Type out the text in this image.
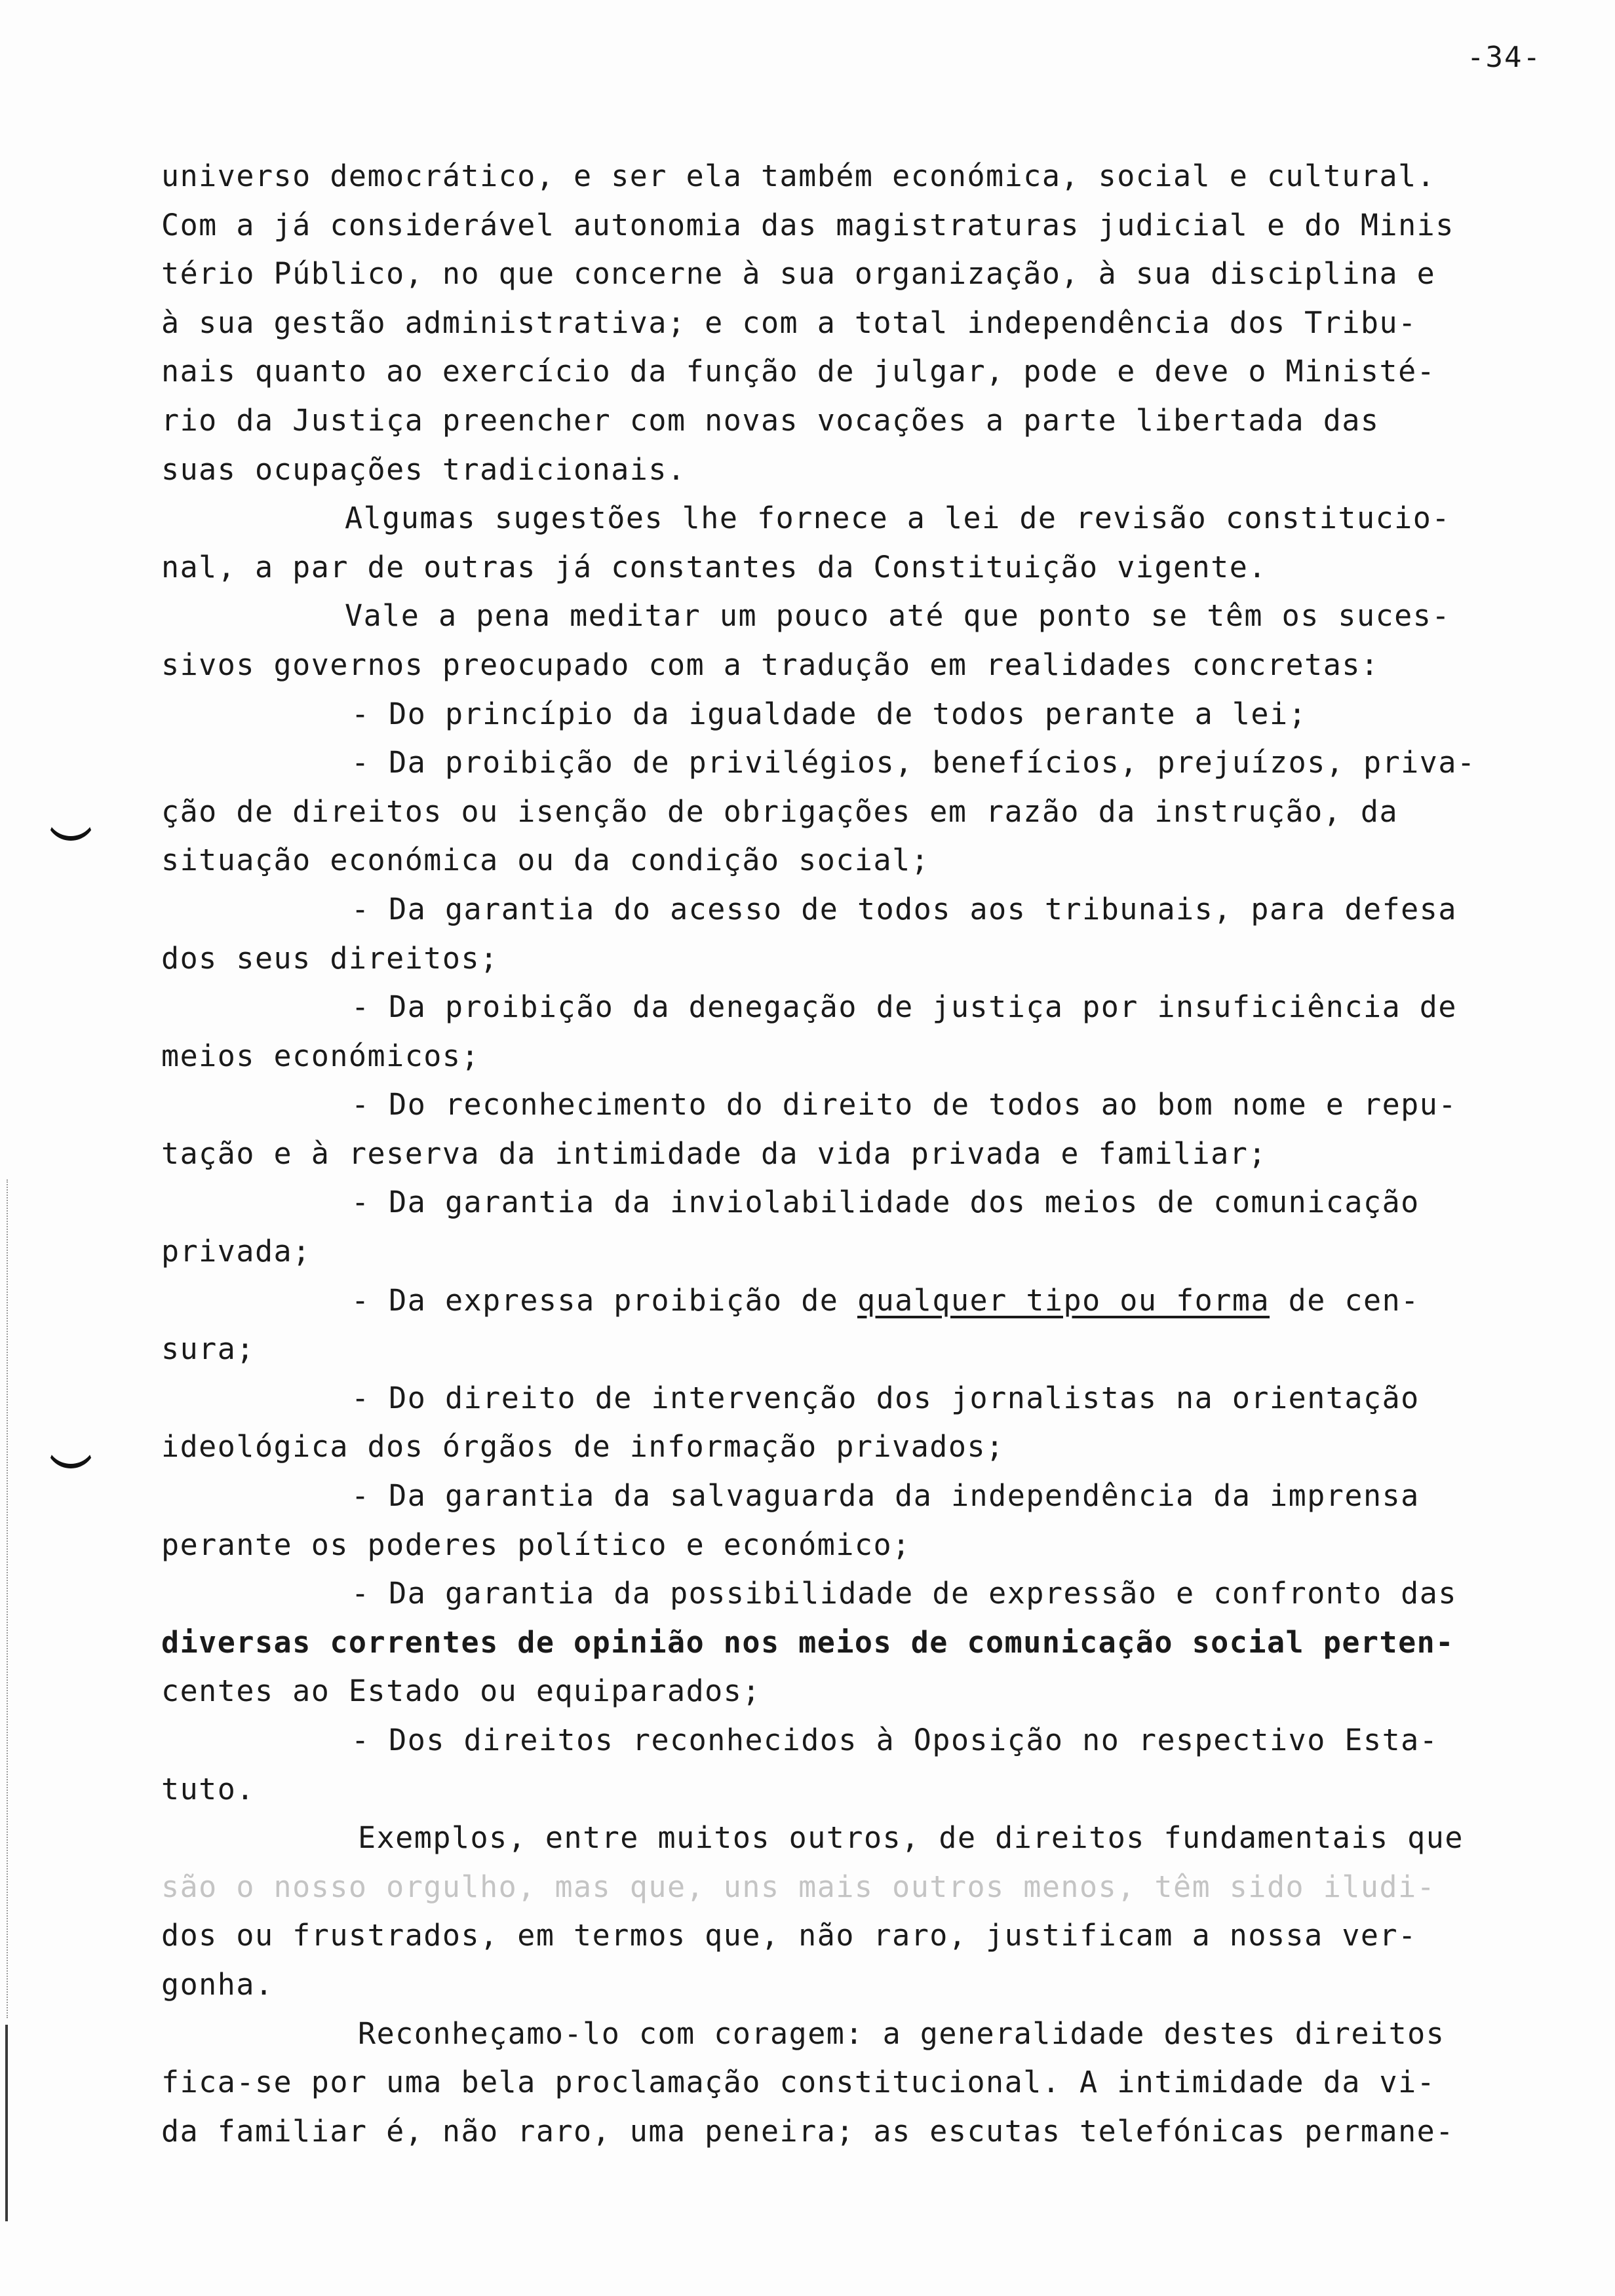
-34-
universo democrático, e ser ela também económica, social e cultural.
Com a já considerável autonomia das magistraturas judicial e do Minis
tério Público, no que concerne à sua organização, à sua disciplina e
à sua gestão administrativa; e com a total independência dos Tribu-
nais quanto ao exercício da função de julgar, pode e deve o Ministé-
rio da Justiça preencher com novas vocações a parte libertada das
suas ocupações tradicionais.
Algumas sugestões lhe fornece a lei de revisão constitucio-
nal, a par de outras já constantes da Constituição vigente.
Vale a pena meditar um pouco até que ponto se têm os suces-
sivos governos preocupado com a tradução em realidades concretas:
- Do princípio da igualdade de todos perante a lei;
- Da proibição de privilégios, benefícios, prejuízos, priva-
ção de direitos ou isenção de obrigações em razão da instrução, da
situação económica ou da condição social;
- Da garantia do acesso de todos aos tribunais, para defesa
dos seus direitos;
- Da proibição da denegação de justiça por insuficiência de
meios económicos;
- Do reconhecimento do direito de todos ao bom nome e repu-
tação e à reserva da intimidade da vida privada e familiar;
- Da garantia da inviolabilidade dos meios de comunicação
privada;
- Da expressa proibição de qualquer tipo ou forma de cen-
sura;
- Do direito de intervenção dos jornalistas na orientação
ideológica dos órgãos de informação privados;
- Da garantia da salvaguarda da independência da imprensa
perante os poderes político e económico;
- Da garantia da possibilidade de expressão e confronto das
diversas correntes de opinião nos meios de comunicação social perten-
centes ao Estado ou equiparados;
- Dos direitos reconhecidos à Oposição no respectivo Esta-
tuto.
Exemplos, entre muitos outros, de direitos fundamentais que
são o nosso orgulho, mas que, uns mais outros menos, têm sido iludi-
dos ou frustrados, em termos que, não raro, justificam a nossa ver-
gonha.
Reconheçamo-lo com coragem: a generalidade destes direitos
fica-se por uma bela proclamação constitucional. A intimidade da vi-
da familiar é, não raro, uma peneira; as escutas telefónicas permane-
